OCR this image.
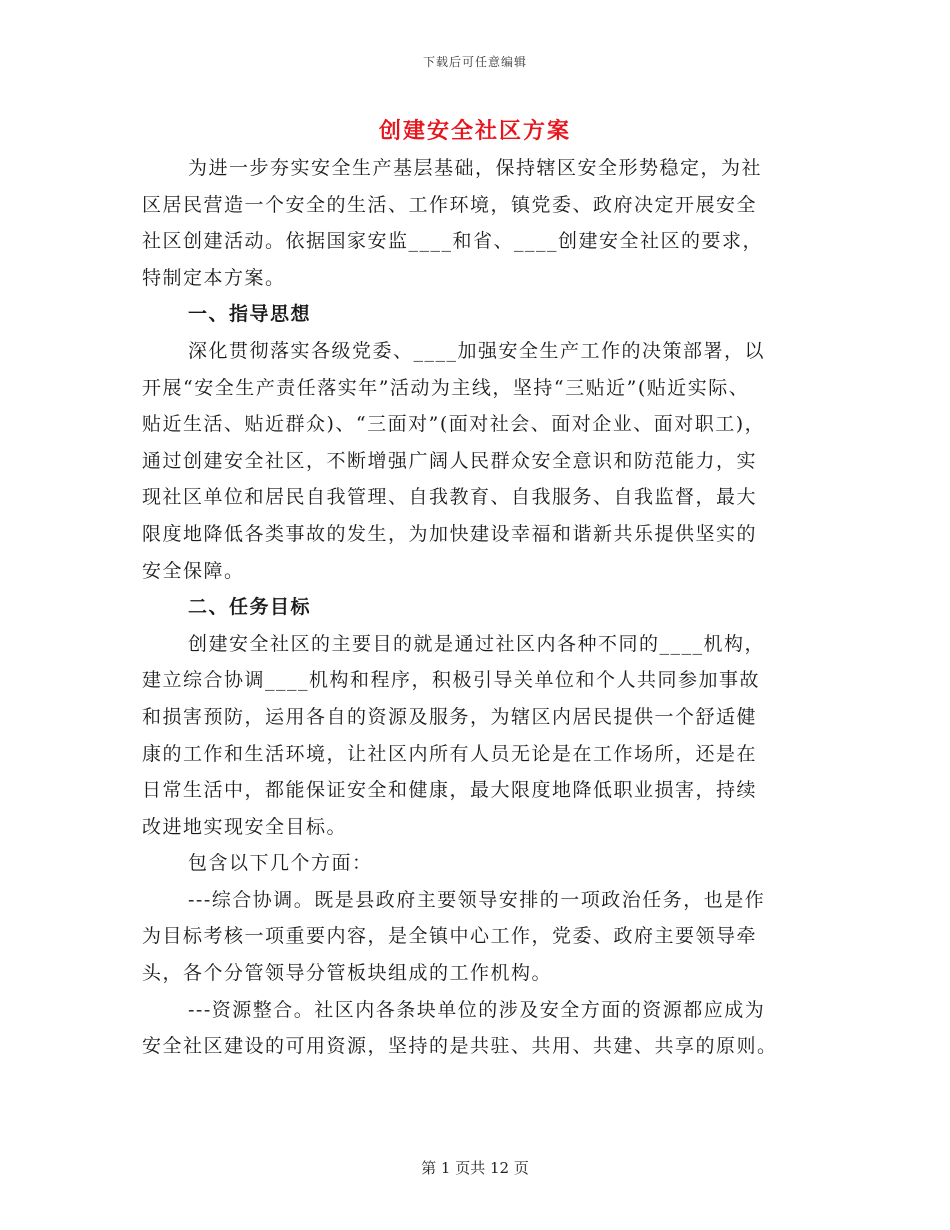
下载后可任意编辑
创建安全社区方案
为进一步夯实安全生产基层基础，保持辖区安全形势稳定，为社
区居民营造一个安全的生活、工作环境，镇党委、政府决定开展安全
社区创建活动。依据国家安监____和省、____创建安全社区的要求，
特制定本方案。
一、指导思想
深化贯彻落实各级党委、____加强安全生产工作的决策部署，以
开展“安全生产责任落实年”活动为主线，坚持“三贴近”(贴近实际、
贴近生活、贴近群众)、“三面对”(面对社会、面对企业、面对职工)，
通过创建安全社区，不断增强广阔人民群众安全意识和防范能力，实
现社区单位和居民自我管理、自我教育、自我服务、自我监督，最大
限度地降低各类事故的发生，为加快建设幸福和谐新共乐提供坚实的
安全保障。
二、任务目标
创建安全社区的主要目的就是通过社区内各种不同的____机构，
建立综合协调____机构和程序，积极引导关单位和个人共同参加事故
和损害预防，运用各自的资源及服务，为辖区内居民提供一个舒适健
康的工作和生活环境，让社区内所有人员无论是在工作场所，还是在
日常生活中，都能保证安全和健康，最大限度地降低职业损害，持续
改进地实现安全目标。
包含以下几个方面：
---综合协调。既是县政府主要领导安排的一项政治任务，也是作
为目标考核一项重要内容，是全镇中心工作，党委、政府主要领导牵
头，各个分管领导分管板块组成的工作机构。
---资源整合。社区内各条块单位的涉及安全方面的资源都应成为
安全社区建设的可用资源，坚持的是共驻、共用、共建、共享的原则。
第 1 页共 12 页
